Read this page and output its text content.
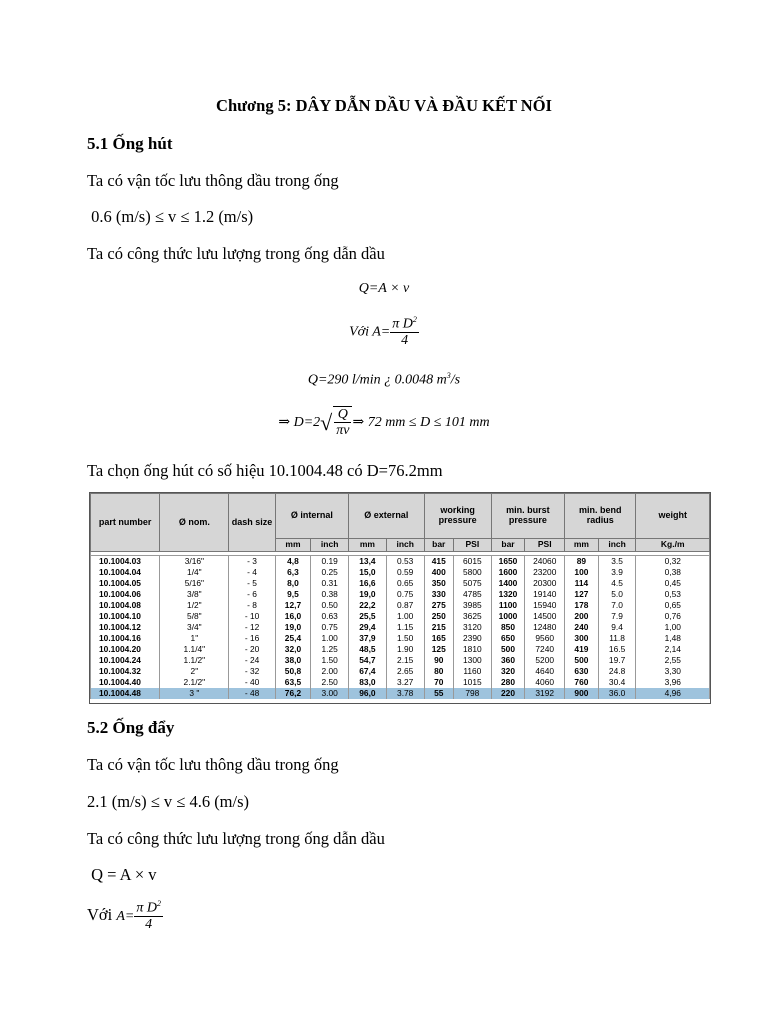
Chương 5: DÂY DẪN DẦU VÀ ĐẦU KẾT NỐI
5.1 Ống hút
Ta có vận tốc lưu thông dầu trong ống
0.6 (m/s) ≤ v ≤ 1.2 (m/s)
Ta có công thức lưu lượng trong ống dẫn dầu
Q=A × v
Với $A= \frac{\pi D^2}{4}$
Q=290 l/min ¿ 0.0048 $m^3/s$
⇒ $D=2√ \frac{Q}{\pi v}$ ⇒ 72 mm ≤ D ≤ 101 mm
Ta chọn ống hút có số hiệu 10.1004.48 có D=76.2mm
part number	Ø nom.	dash size	Ø internal		Ø external		working pressure		min. burst pressure		min. bend radius		weight
			mm	inch	mm	inch	bar	PSI	bar	PSI	mm	inch	Kg./m

10.1004.03	3/16"	- 3	4,8	0.19	13,4	0.53	415	6015	1650	24060	89	3.5	0,32
10.1004.04	1/4"	- 4	6,3	0.25	15,0	0.59	400	5800	1600	23200	100	3.9	0,38
10.1004.05	5/16"	- 5	8,0	0.31	16,6	0.65	350	5075	1400	20300	114	4.5	0,45
10.1004.06	3/8"	- 6	9,5	0.38	19,0	0.75	330	4785	1320	19140	127	5.0	0,53
10.1004.08	1/2"	- 8	12,7	0.50	22,2	0.87	275	3985	1100	15940	178	7.0	0,65
10.1004.10	5/8"	- 10	16,0	0.63	25,5	1.00	250	3625	1000	14500	200	7.9	0,76
10.1004.12	3/4"	- 12	19,0	0.75	29,4	1.15	215	3120	850	12480	240	9.4	1,00
10.1004.16	1"	- 16	25,4	1.00	37,9	1.50	165	2390	650	9560	300	11.8	1,48
10.1004.20	1.1/4"	- 20	32,0	1.25	48,5	1.90	125	1810	500	7240	419	16.5	2,14
10.1004.24	1.1/2"	- 24	38,0	1.50	54,7	2.15	90	1300	360	5200	500	19.7	2,55
10.1004.32	2"	- 32	50,8	2.00	67,4	2.65	80	1160	320	4640	630	24.8	3,30
10.1004.40	2.1/2"	- 40	63,5	2.50	83,0	3.27	70	1015	280	4060	760	30.4	3,96
10.1004.48	3 "	- 48	76,2	3.00	96,0	3.78	55	798	220	3192	900	36.0	4,96
5.2 Ống đẩy
Ta có vận tốc lưu thông dầu trong ống
2.1 (m/s) ≤ v ≤ 4.6 (m/s)
Ta có công thức lưu lượng trong ống dẫn dầu
Q = A × v
Với $A= \frac{\pi D^2}{4}$
